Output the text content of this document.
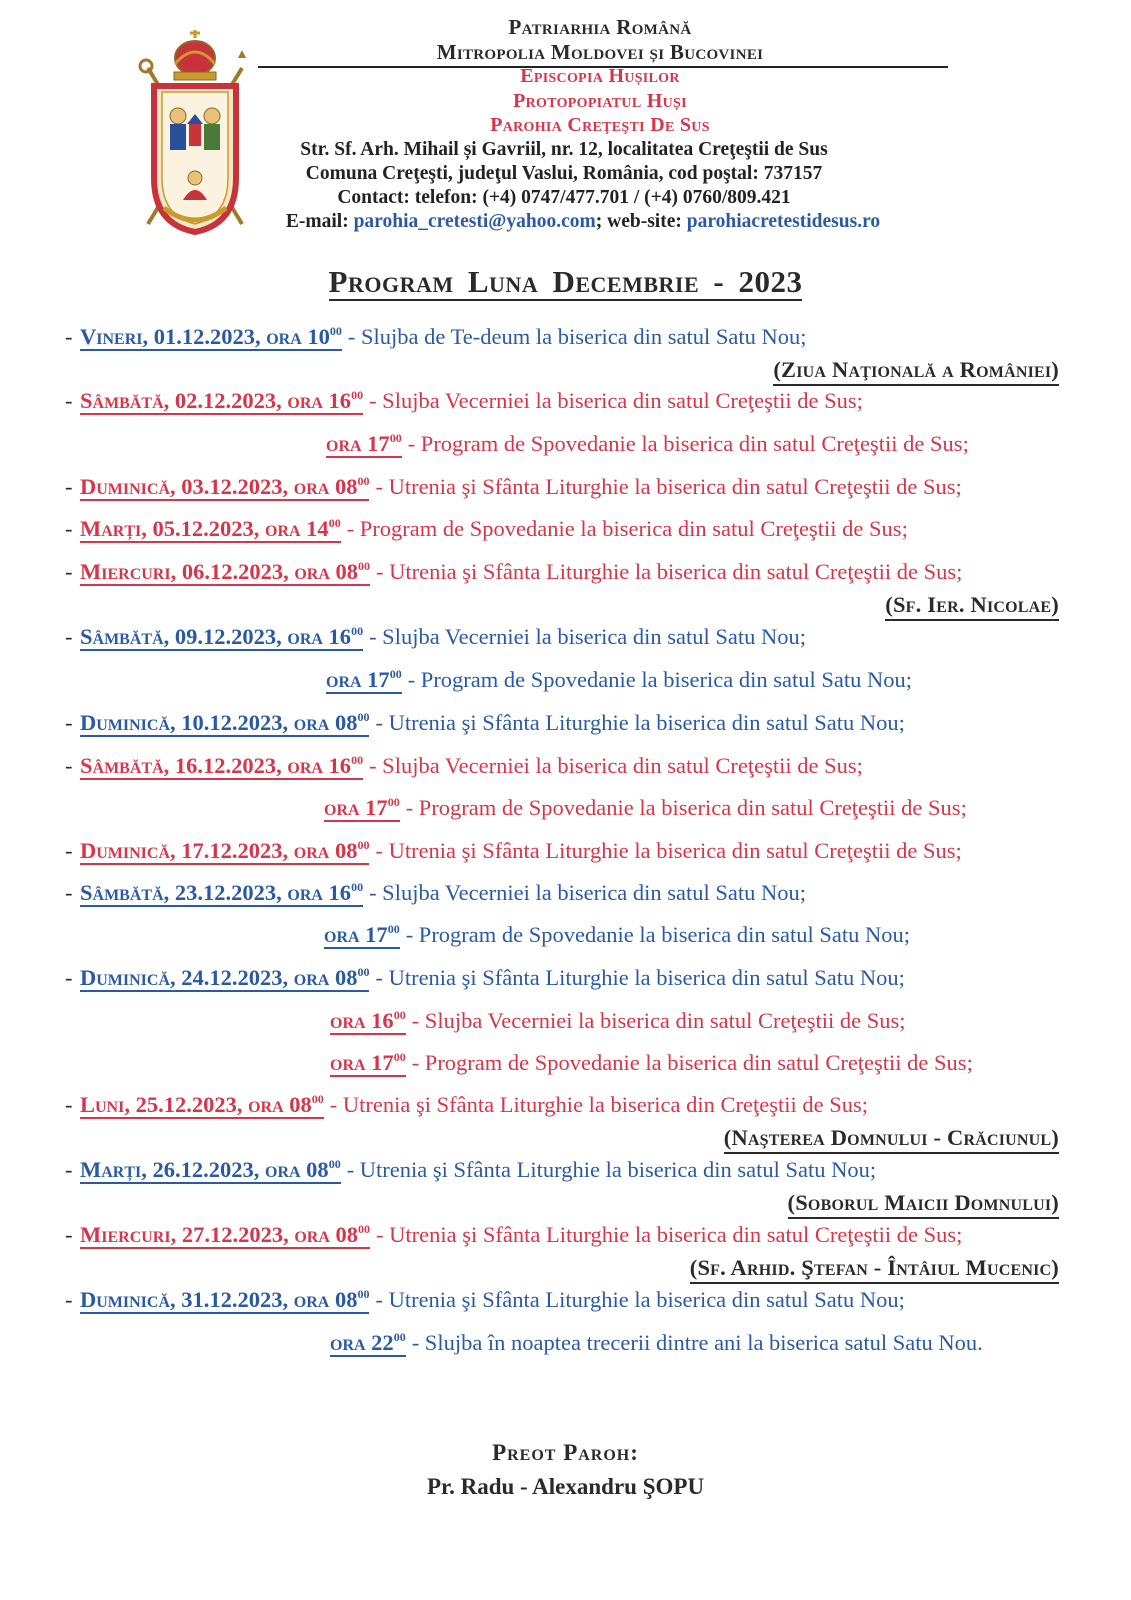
Patriarhia Română
Mitropolia Moldovei și Bucovinei
Episcopia Hușilor
Protopopiatul Huși
Parohia Creţeşti De Sus
Str. Sf. Arh. Mihail și Gavriil, nr. 12, localitatea Creţeştii de Sus
Comuna Creţeşti, judeţul Vaslui, România, cod poştal: 737157
Contact: telefon: (+4) 0747/477.701 / (+4) 0760/809.421
E-mail: parohia_cretesti@yahoo.com; web-site: parohiacretestidesus.ro
Program Luna Decembrie - 2023
- Vineri, 01.12.2023, ora $10^{00}$ - Slujba de Te-deum la biserica din satul Satu Nou;
(Ziua Naţională a României)
- Sâmbătă, 02.12.2023, ora $16^{00}$ - Slujba Vecerniei la biserica din satul Creţeştii de Sus;
ora $17^{00}$ - Program de Spovedanie la biserica din satul Creţeştii de Sus;
- Duminică, 03.12.2023, ora $08^{00}$ - Utrenia şi Sfânta Liturghie la biserica din satul Creţeştii de Sus;
- Marți, 05.12.2023, ora $14^{00}$ - Program de Spovedanie la biserica din satul Creţeştii de Sus;
- Miercuri, 06.12.2023, ora $08^{00}$ - Utrenia şi Sfânta Liturghie la biserica din satul Creţeştii de Sus;
(Sf. Ier. Nicolae)
- Sâmbătă, 09.12.2023, ora $16^{00}$ - Slujba Vecerniei la biserica din satul Satu Nou;
ora $17^{00}$ - Program de Spovedanie la biserica din satul Satu Nou;
- Duminică, 10.12.2023, ora $08^{00}$ - Utrenia şi Sfânta Liturghie la biserica din satul Satu Nou;
- Sâmbătă, 16.12.2023, ora $16^{00}$ - Slujba Vecerniei la biserica din satul Creţeştii de Sus;
ora $17^{00}$ - Program de Spovedanie la biserica din satul Creţeştii de Sus;
- Duminică, 17.12.2023, ora $08^{00}$ - Utrenia şi Sfânta Liturghie la biserica din satul Creţeştii de Sus;
- Sâmbătă, 23.12.2023, ora $16^{00}$ - Slujba Vecerniei la biserica din satul Satu Nou;
ora $17^{00}$ - Program de Spovedanie la biserica din satul Satu Nou;
- Duminică, 24.12.2023, ora $08^{00}$ - Utrenia şi Sfânta Liturghie la biserica din satul Satu Nou;
ora $16^{00}$ - Slujba Vecerniei la biserica din satul Creţeştii de Sus;
ora $17^{00}$ - Program de Spovedanie la biserica din satul Creţeştii de Sus;
- Luni, 25.12.2023, ora $08^{00}$ - Utrenia şi Sfânta Liturghie la biserica din Creţeştii de Sus;
(Naşterea Domnului - Crăciunul)
- Marți, 26.12.2023, ora $08^{00}$ - Utrenia şi Sfânta Liturghie la biserica din satul Satu Nou;
(Soborul Maicii Domnului)
- Miercuri, 27.12.2023, ora $08^{00}$ - Utrenia şi Sfânta Liturghie la biserica din satul Creţeştii de Sus;
(Sf. Arhid. Ştefan - Întâiul Mucenic)
- Duminică, 31.12.2023, ora $08^{00}$ - Utrenia şi Sfânta Liturghie la biserica din satul Satu Nou;
ora $22^{00}$ - Slujba în noaptea trecerii dintre ani la biserica satul Satu Nou.
Preot Paroh:
Pr. Radu - Alexandru ŞOPU
